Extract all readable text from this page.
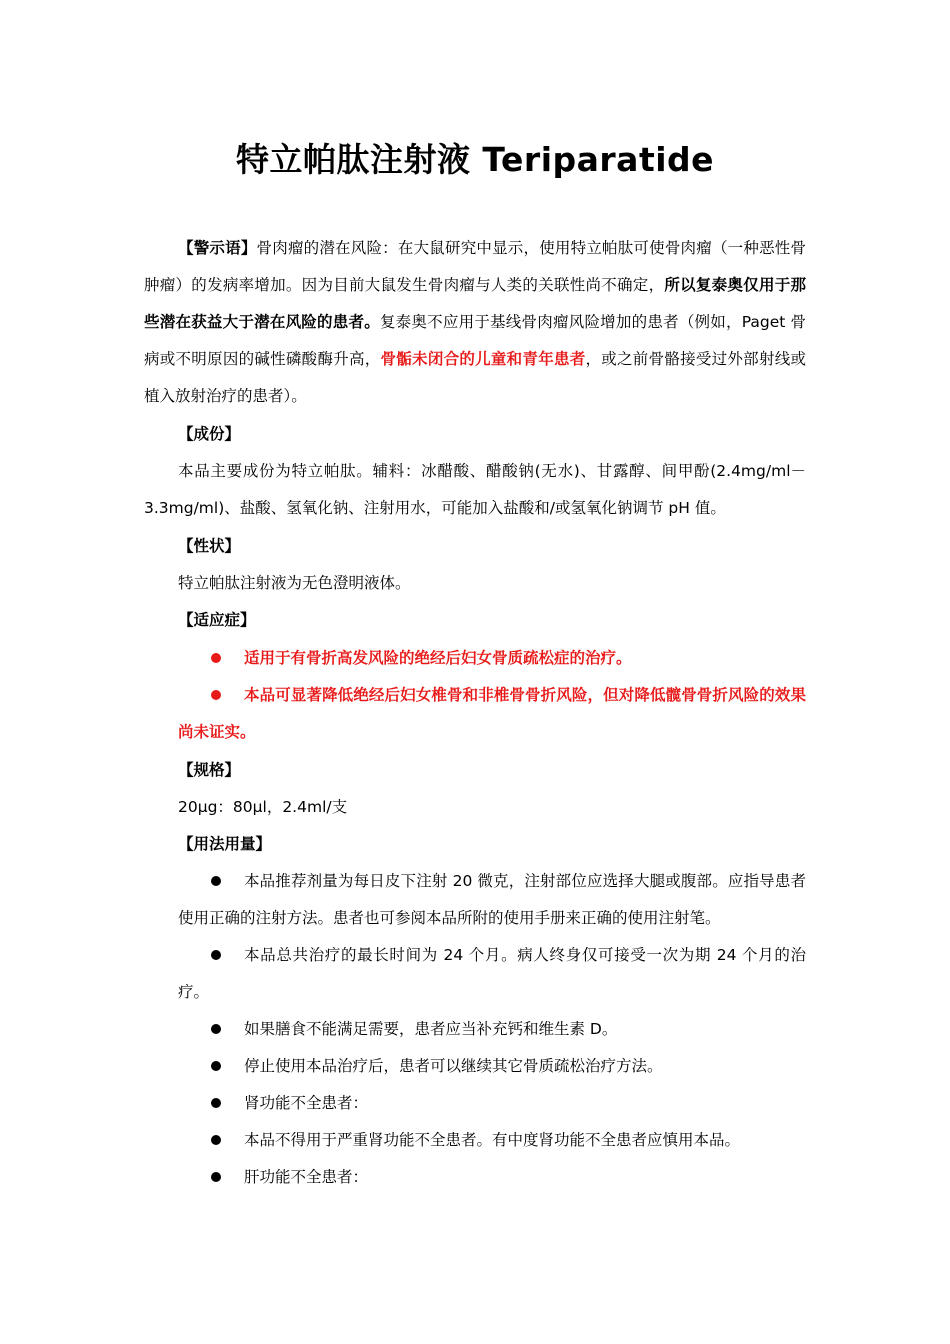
特立帕肽注射液 Teriparatide
【警示语】骨肉瘤的潜在风险：在大鼠研究中显示，使用特立帕肽可使骨肉瘤（一种恶性骨肿瘤）的发病率增加。因为目前大鼠发生骨肉瘤与人类的关联性尚不确定，所以复泰奥仅用于那些潜在获益大于潜在风险的患者。复泰奥不应用于基线骨肉瘤风险增加的患者（例如，Paget 骨病或不明原因的碱性磷酸酶升高，骨骺未闭合的儿童和青年患者，或之前骨骼接受过外部射线或植入放射治疗的患者）。
【成份】
本品主要成份为特立帕肽。辅料：冰醋酸、醋酸钠(无水)、甘露醇、间甲酚(2.4mg/ml－3.3mg/ml)、盐酸、氢氧化钠、注射用水，可能加入盐酸和/或氢氧化钠调节 pH 值。
【性状】
特立帕肽注射液为无色澄明液体。
【适应症】
适用于有骨折高发风险的绝经后妇女骨质疏松症的治疗。
本品可显著降低绝经后妇女椎骨和非椎骨骨折风险，但对降低髋骨骨折风险的效果尚未证实。
【规格】
20μg：80μl，2.4ml/支
【用法用量】
本品推荐剂量为每日皮下注射 20 微克，注射部位应选择大腿或腹部。应指导患者使用正确的注射方法。患者也可参阅本品所附的使用手册来正确的使用注射笔。
本品总共治疗的最长时间为 24 个月。病人终身仅可接受一次为期 24 个月的治疗。
如果膳食不能满足需要，患者应当补充钙和维生素 D。
停止使用本品治疗后，患者可以继续其它骨质疏松治疗方法。
肾功能不全患者：
本品不得用于严重肾功能不全患者。有中度肾功能不全患者应慎用本品。
肝功能不全患者：
